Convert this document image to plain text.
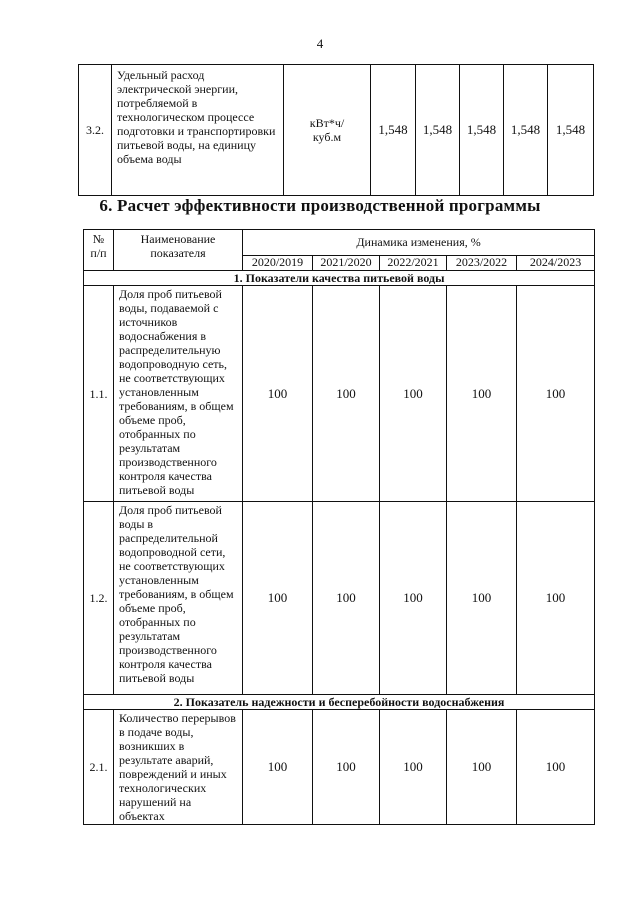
4
3.2.	Удельный расход электрической энергии, потребляемой в технологическом процессе подготовки и транспортировки питьевой воды, на единицу объема воды	кВт*ч/ куб.м	1,548	1,548	1,548	1,548	1,548
6. Расчет эффективности производственной программы
№ п/п	Наименование показателя	Динамика изменения, %				
		2020/2019	2021/2020	2022/2021	2023/2022	2024/2023
1. Показатели качества питьевой воды						
1.1.	Доля проб питьевой воды, подаваемой с источников водоснабжения в распределительную водопроводную сеть, не соответствующих установленным требованиям, в общем объеме проб, отобранных по результатам производственного контроля качества питьевой воды	100	100	100	100	100
1.2.	Доля проб питьевой воды в распределительной водопроводной сети, не соответствующих установленным требованиям, в общем объеме проб, отобранных по результатам производственного контроля качества питьевой воды	100	100	100	100	100
2. Показатель надежности и бесперебойности водоснабжения						
2.1.	Количество перерывов в подаче воды, возникших в результате аварий, повреждений и иных технологических нарушений на объектах	100	100	100	100	100
